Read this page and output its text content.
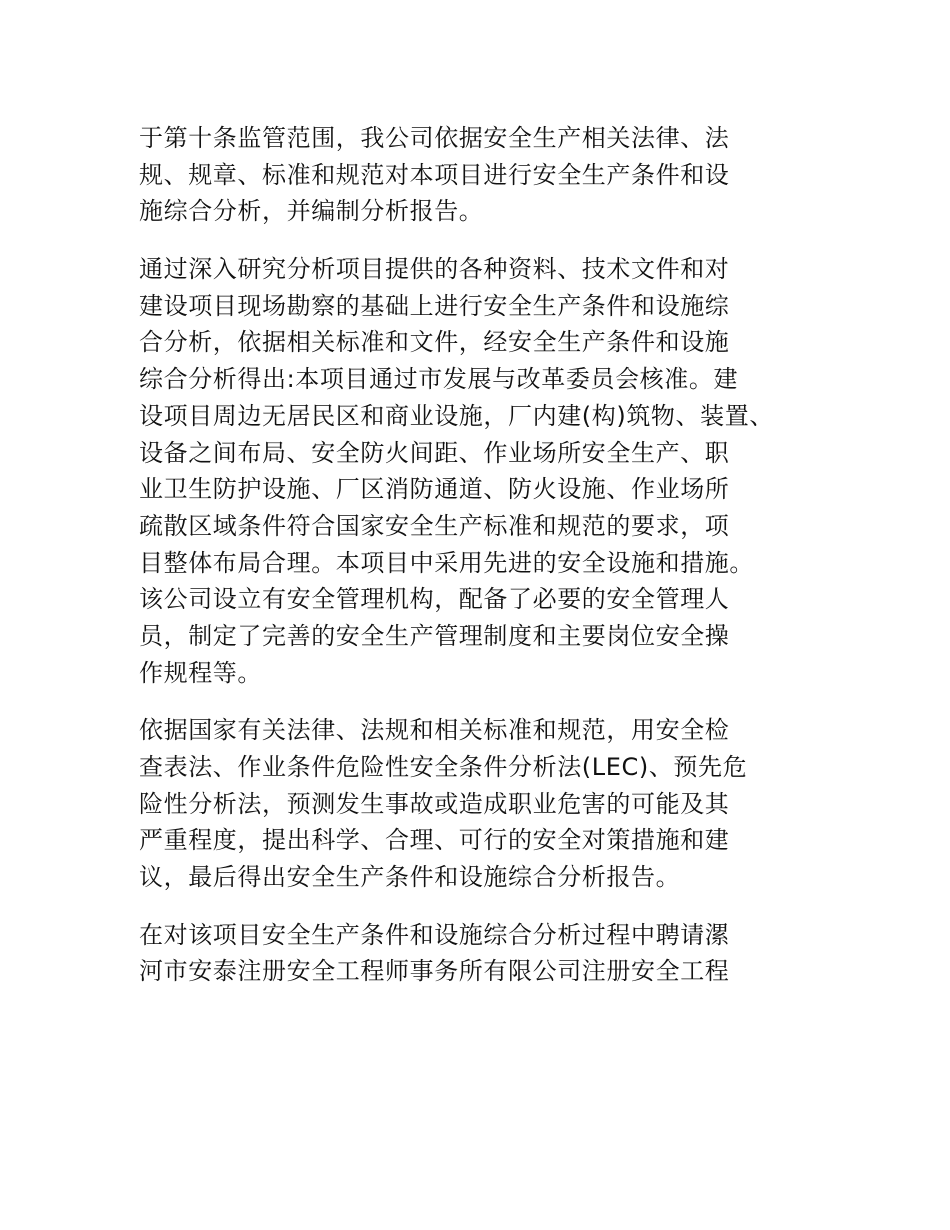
于第十条监管范围，我公司依据安全生产相关法律、法
规、规章、标准和规范对本项目进行安全生产条件和设
施综合分析，并编制分析报告。

通过深入研究分析项目提供的各种资料、技术文件和对
建设项目现场勘察的基础上进行安全生产条件和设施综
合分析，依据相关标准和文件，经安全生产条件和设施
综合分析得出:本项目通过市发展与改革委员会核准。建
设项目周边无居民区和商业设施，厂内建(构)筑物、装置、
设备之间布局、安全防火间距、作业场所安全生产、职
业卫生防护设施、厂区消防通道、防火设施、作业场所
疏散区域条件符合国家安全生产标准和规范的要求，项
目整体布局合理。本项目中采用先进的安全设施和措施。
该公司设立有安全管理机构，配备了必要的安全管理人
员，制定了完善的安全生产管理制度和主要岗位安全操
作规程等。

依据国家有关法律、法规和相关标准和规范，用安全检
查表法、作业条件危险性安全条件分析法(LEC)、预先危
险性分析法，预测发生事故或造成职业危害的可能及其
严重程度，提出科学、合理、可行的安全对策措施和建
议，最后得出安全生产条件和设施综合分析报告。

在对该项目安全生产条件和设施综合分析过程中聘请漯
河市安泰注册安全工程师事务所有限公司注册安全工程
